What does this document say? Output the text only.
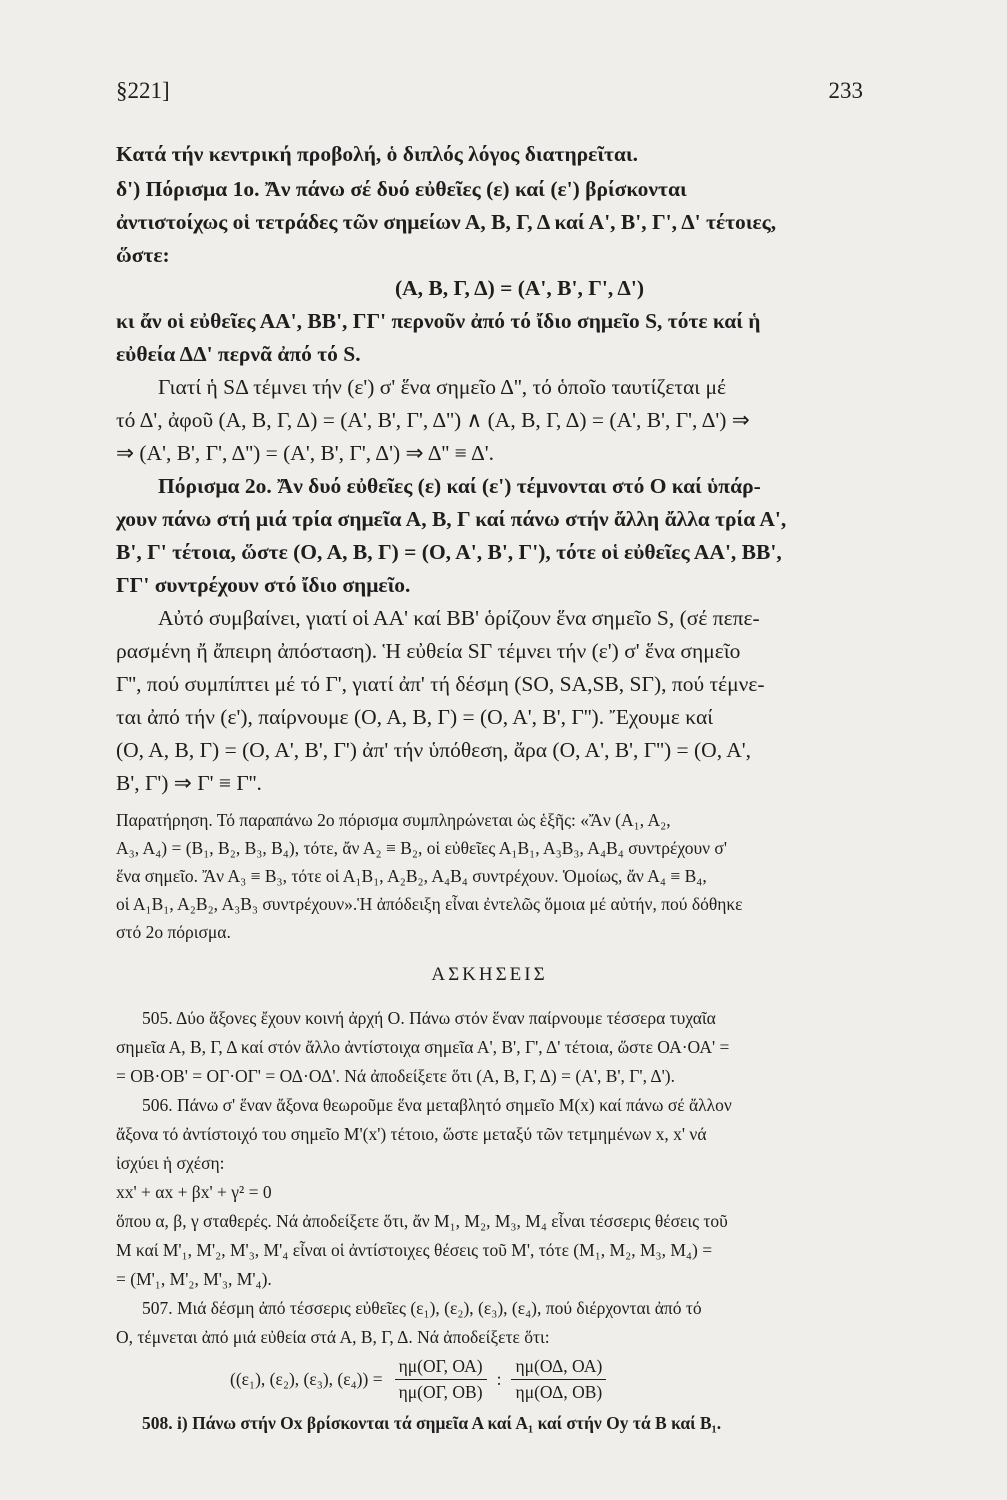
§221]	233

Κατά τήν κεντρική προβολή, ὁ διπλός λόγος διατηρεῖται.

δ') Πόρισμα 1ο. Ἄν πάνω σέ δυό εὐθεῖες (ε) καί (ε') βρίσκονται

ἀντιστοίχως οἱ τετράδες τῶν σημείων Α, Β, Γ, Δ καί Α', Β', Γ', Δ' τέτοιες,

ὥστε:

(Α, Β, Γ, Δ) = (Α', Β', Γ', Δ')

κι ἄν οἱ εὐθεῖες ΑΑ', ΒΒ', ΓΓ' περνοῦν ἀπό τό ἴδιο σημεῖο S, τότε καί ἡ

εὐθεία ΔΔ' περνᾶ ἀπό τό S.

Γιατί ἡ SΔ τέμνει τήν (ε') σ' ἕνα σημεῖο Δ'', τό ὁποῖο ταυτίζεται μέ

τό Δ', ἀφοῦ (Α, Β, Γ, Δ) = (Α', Β', Γ', Δ'') ∧ (Α, Β, Γ, Δ) = (Α', Β', Γ', Δ') ⇒

⇒ (Α', Β', Γ', Δ'') = (Α', Β', Γ', Δ') ⇒ Δ'' ≡ Δ'.

Πόρισμα 2ο. Ἄν δυό εὐθεῖες (ε) καί (ε') τέμνονται στό Ο καί ὑπάρ-

χουν πάνω στή μιά τρία σημεῖα Α, Β, Γ καί πάνω στήν ἄλλη ἄλλα τρία Α',

Β', Γ' τέτοια, ὥστε (Ο, Α, Β, Γ) = (Ο, Α', Β', Γ'), τότε οἱ εὐθεῖες ΑΑ', ΒΒ',

ΓΓ' συντρέχουν στό ἴδιο σημεῖο.

Αὐτό συμβαίνει, γιατί οἱ ΑΑ' καί ΒΒ' ὁρίζουν ἕνα σημεῖο S, (σέ πεπε-

ρασμένη ἤ ἄπειρη ἀπόσταση). Ἡ εὐθεία SΓ τέμνει τήν (ε') σ' ἕνα σημεῖο

Γ'', πού συμπίπτει μέ τό Γ', γιατί ἀπ' τή δέσμη (SO, SA,SB, SΓ), πού τέμνε-

ται ἀπό τήν (ε'), παίρνουμε (Ο, Α, Β, Γ) = (Ο, Α', Β', Γ''). Ἔχουμε καί

(Ο, Α, Β, Γ) = (Ο, Α', Β', Γ') ἀπ' τήν ὑπόθεση, ἄρα (Ο, Α', Β', Γ'') = (Ο, Α',

Β', Γ') ⇒ Γ' ≡ Γ''.

Παρατήρηση. Τό παραπάνω 2ο πόρισμα συμπληρώνεται ὡς ἑξῆς: «Ἄν (Α₁, Α₂,

Α₃, Α₄) = (Β₁, Β₂, Β₃, Β₄), τότε, ἄν Α₂ ≡ Β₂, οἱ εὐθεῖες Α₁Β₁, Α₃Β₃, Α₄Β₄ συντρέχουν σ'

ἕνα σημεῖο. Ἄν Α₃ ≡ Β₃, τότε οἱ Α₁Β₁, Α₂Β₂, Α₄Β₄ συντρέχουν. Ὁμοίως, ἄν Α₄ ≡ Β₄,

οἱ Α₁Β₁, Α₂Β₂, Α₃Β₃ συντρέχουν».Ἡ ἀπόδειξη εἶναι ἐντελῶς ὅμοια μέ αὐτήν, πού δόθηκε

στό 2ο πόρισμα.

ΑΣΚΗΣΕΙΣ

505. Δύο ἄξονες ἔχουν κοινή ἀρχή Ο. Πάνω στόν ἕναν παίρνουμε τέσσερα τυχαῖα

σημεῖα Α, Β, Γ, Δ καί στόν ἄλλο ἀντίστοιχα σημεῖα Α', Β', Γ', Δ' τέτοια, ὥστε ΟΑ·ΟΑ' =

= ΟΒ·ΟΒ' = ΟΓ·ΟΓ' = ΟΔ·ΟΔ'. Νά ἀποδείξετε ὅτι (Α, Β, Γ, Δ) = (Α', Β', Γ', Δ').

506. Πάνω σ' ἕναν ἄξονα θεωροῦμε ἕνα μεταβλητό σημεῖο Μ(x) καί πάνω σέ ἄλλον

ἄξονα τό ἀντίστοιχό του σημεῖο Μ'(x') τέτοιο, ὥστε μεταξύ τῶν τετμημένων x, x' νά

ἰσχύει ἡ σχέση:

xx' + αx + βx' + γ² = 0

ὅπου α, β, γ σταθερές. Νά ἀποδείξετε ὅτι, ἄν Μ₁, Μ₂, Μ₃, Μ₄ εἶναι τέσσερις θέσεις τοῦ

Μ καί Μ'₁, Μ'₂, Μ'₃, Μ'₄ εἶναι οἱ ἀντίστοιχες θέσεις τοῦ Μ', τότε (Μ₁, Μ₂, Μ₃, Μ₄) =

= (Μ'₁, Μ'₂, Μ'₃, Μ'₄).

507. Μιά δέσμη ἀπό τέσσερις εὐθεῖες (ε₁), (ε₂), (ε₃), (ε₄), πού διέρχονται ἀπό τό

Ο, τέμνεται ἀπό μιά εὐθεία στά Α, Β, Γ, Δ. Νά ἀποδείξετε ὅτι:

((ε₁), (ε₂), (ε₃), $(\varepsilon_4)) = \frac{\eta\mu(O\Gamma, OA)}{\eta\mu(O\Gamma, OB)}$ : $\frac{\eta\mu(O\Delta, OA)}{\eta\mu(O\Delta, OB)}$

508. i) Πάνω στήν Οx βρίσκονται τά σημεῖα Α καί Α₁ καί στήν Οy τά Β καί Β₁.
